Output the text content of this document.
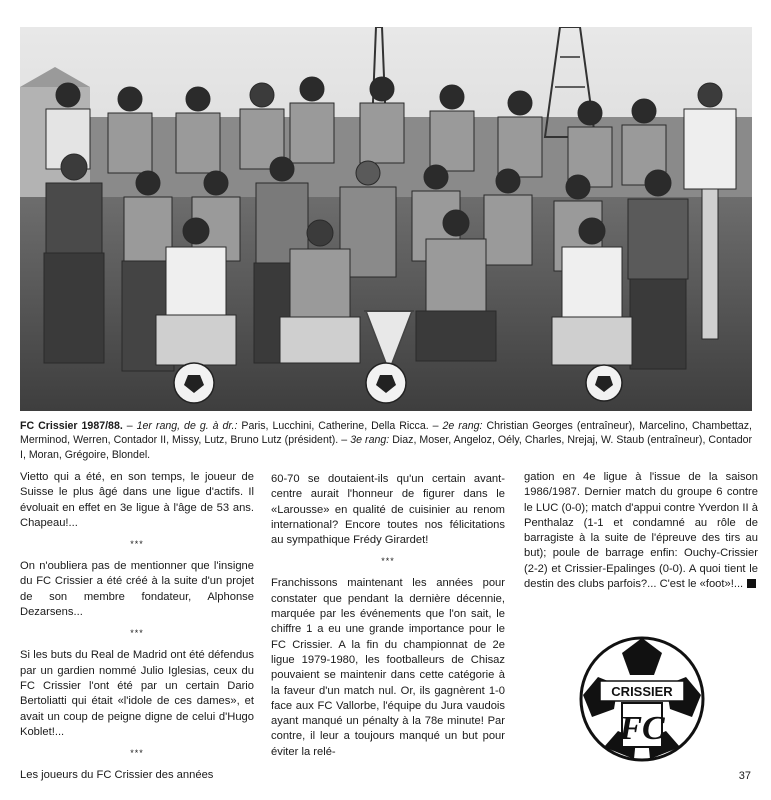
FC Crissier 1987/88. – 1er rang, de g. à dr.: Paris, Lucchini, Catherine, Della Ricca. – 2e rang: Christian Georges (entraîneur), Marcelino, Chambettaz, Merminod, Werren, Contador II, Missy, Lutz, Bruno Lutz (président). – 3e rang: Diaz, Moser, Angeloz, Oély, Charles, Nrejaj, W. Staub (entraîneur), Contador I, Moran, Grégoire, Blondel.

Vietto qui a été, en son temps, le joueur de Suisse le plus âgé dans une ligue d'actifs. Il évoluait en effet en 3e ligue à l'âge de 53 ans. Chapeau!...

***

On n'oubliera pas de mentionner que l'insigne du FC Crissier a été créé à la suite d'un projet de son membre fondateur, Alphonse Dezarsens...

***

Si les buts du Real de Madrid ont été défendus par un gardien nommé Julio Iglesias, ceux du FC Crissier l'ont été par un certain Dario Bertoliatti qui était «l'idole de ces dames», et avait un coup de peigne digne de celui d'Hugo Koblet!...

***

Les joueurs du FC Crissier des années

60-70 se doutaient-ils qu'un certain avant-centre aurait l'honneur de figurer dans le «Larousse» en qualité de cuisinier au renom international? Encore toutes nos félicitations au sympathique Frédy Girardet!

***

Franchissons maintenant les années pour constater que pendant la dernière décennie, marquée par les événements que l'on sait, le chiffre 1 a eu une grande importance pour le FC Crissier. A la fin du championnat de 2e ligue 1979-1980, les footballeurs de Chisaz pouvaient se maintenir dans cette catégorie à la faveur d'un match nul. Or, ils gagnèrent 1-0 face aux FC Vallorbe, l'équipe du Jura vaudois ayant manqué un pénalty à la 78e minute! Par contre, il leur a toujours manqué un but pour éviter la relé-

gation en 4e ligue à l'issue de la saison 1986/1987. Dernier match du groupe 6 contre le LUC (0-0); match d'appui contre Yverdon II à Penthalaz (1-1 et condamné au rôle de barragiste à la suite de l'épreuve des tirs au but); poule de barrage enfin: Ouchy-Crissier (2-2) et Crissier-Epalinges (0-0). A quoi tient le destin des clubs parfois?... C'est le «foot»!...

CRISSIER
FC
37
